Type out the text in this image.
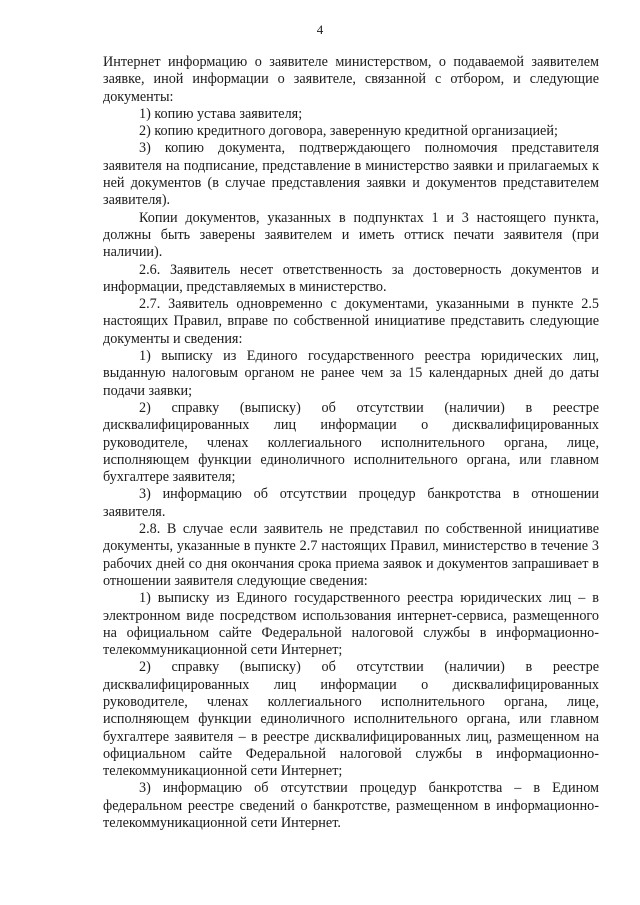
4

Интернет информацию о заявителе министерством, о подаваемой заявителем заявке, иной информации о заявителе, связанной с отбором, и следующие документы:

1) копию устава заявителя;

2) копию кредитного договора, заверенную кредитной организацией;

3) копию документа, подтверждающего полномочия представителя заявителя на подписание, представление в министерство заявки и прилагаемых к ней документов (в случае представления заявки и документов представителем заявителя).

Копии документов, указанных в подпунктах 1 и 3 настоящего пункта, должны быть заверены заявителем и иметь оттиск печати заявителя (при наличии).

2.6. Заявитель несет ответственность за достоверность документов и информации, представляемых в министерство.

2.7. Заявитель одновременно с документами, указанными в пункте 2.5 настоящих Правил, вправе по собственной инициативе представить следующие документы и сведения:

1) выписку из Единого государственного реестра юридических лиц, выданную налоговым органом не ранее чем за 15 календарных дней до даты подачи заявки;

2) справку (выписку) об отсутствии (наличии) в реестре дисквалифицированных лиц информации о дисквалифицированных руководителе, членах коллегиального исполнительного органа, лице, исполняющем функции единоличного исполнительного органа, или главном бухгалтере заявителя;

3) информацию об отсутствии процедур банкротства в отношении заявителя.

2.8. В случае если заявитель не представил по собственной инициативе документы, указанные в пункте 2.7 настоящих Правил, министерство в течение 3 рабочих дней со дня окончания срока приема заявок и документов запрашивает в отношении заявителя следующие сведения:

1) выписку из Единого государственного реестра юридических лиц – в электронном виде посредством использования интернет-сервиса, размещенного на официальном сайте Федеральной налоговой службы в информационно-телекоммуникационной сети Интернет;

2) справку (выписку) об отсутствии (наличии) в реестре дисквалифицированных лиц информации о дисквалифицированных руководителе, членах коллегиального исполнительного органа, лице, исполняющем функции единоличного исполнительного органа, или главном бухгалтере заявителя – в реестре дисквалифицированных лиц, размещенном на официальном сайте Федеральной налоговой службы в информационно-телекоммуникационной сети Интернет;

3) информацию об отсутствии процедур банкротства – в Едином федеральном реестре сведений о банкротстве, размещенном в информационно-телекоммуникационной сети Интернет.
